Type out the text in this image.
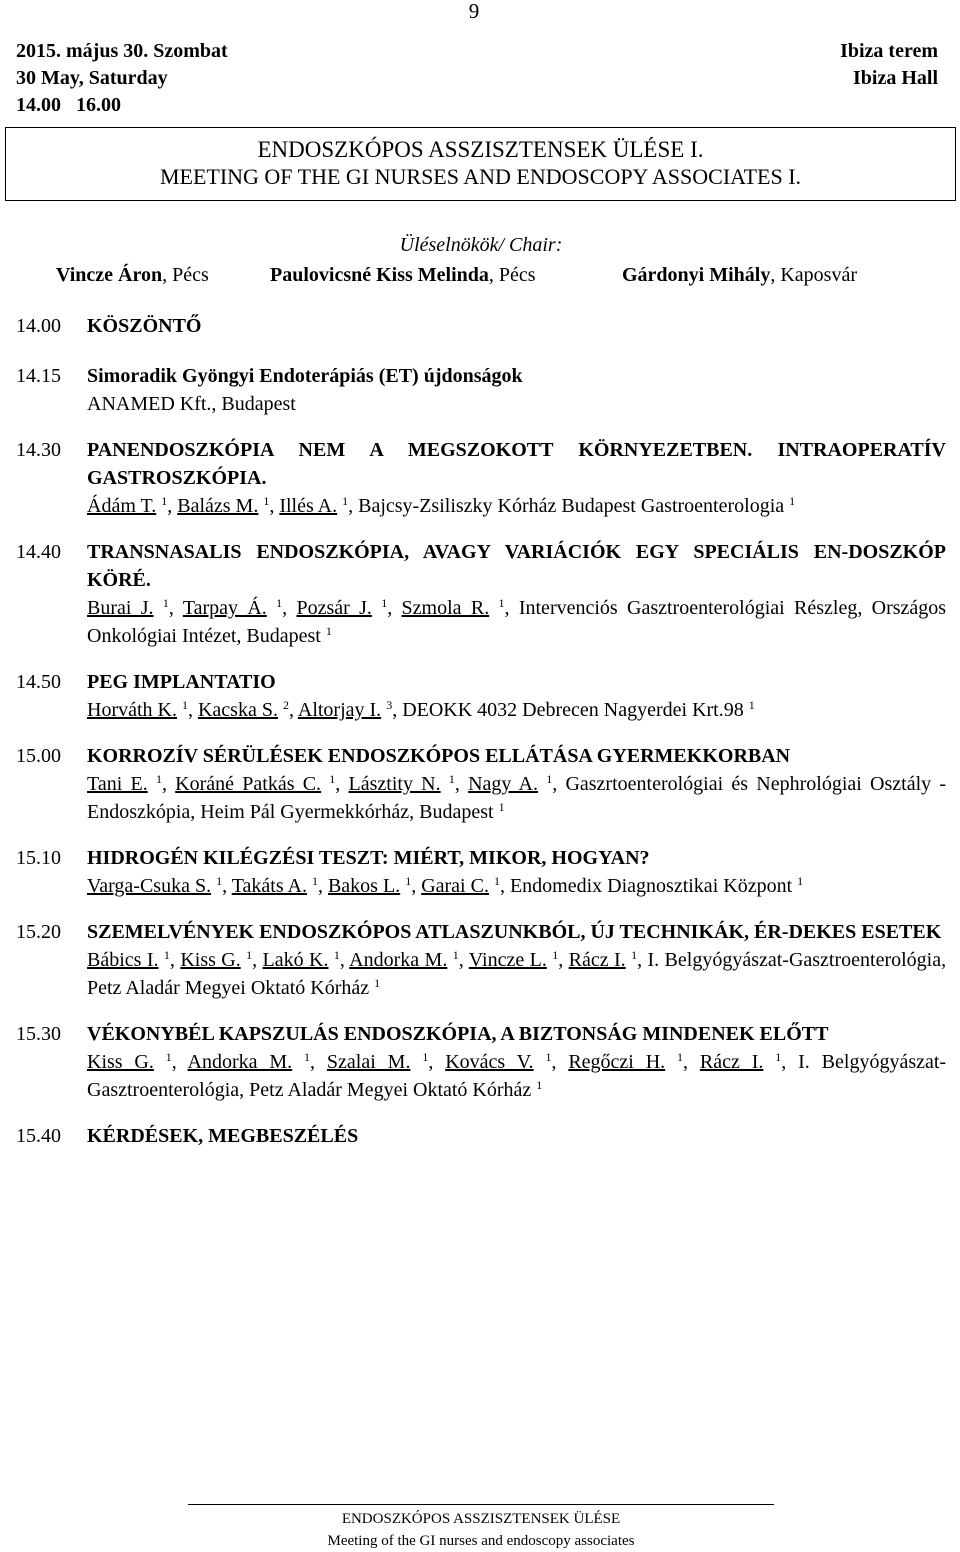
9
2015. május 30. Szombat	Ibiza terem
30 May, Saturday	Ibiza Hall
14.00   16.00
ENDOSZKÓPOS ASSZISZTENSEK ÜLÉSE I.
MEETING OF THE GI NURSES AND ENDOSCOPY ASSOCIATES I.
Üléselnökök/ Chair:
Vincze Áron, Pécs	Paulovicsné Kiss Melinda, Pécs	Gárdonyi Mihály, Kaposvár
14.00	KÖSZÖNTŐ
14.15	Simoradik Gyöngyi Endoterápiás (ET) újdonságok
ANAMED Kft., Budapest
14.30	PANENDOSZKÓPIA NEM A MEGSZOKOTT KÖRNYEZETBEN. INTRAOPERATÍV GASTROSZKÓPIA.
Ádám T. $^1$, Balázs M. $^1$, Illés A. $^1$, Bajcsy-Zsiliszky Kórház Budapest Gastroenterologia $^1$
14.40	TRANSNASALIS ENDOSZKÓPIA, AVAGY VARIÁCIÓK EGY SPECIÁLIS EN-DOSZKÓP KÖRÉ.
Burai J. $^1$, Tarpay Á. $^1$, Pozsár J. $^1$, Szmola R. $^1$, Intervenciós Gasztroenterológiai Részleg, Országos Onkológiai Intézet, Budapest $^1$
14.50	PEG IMPLANTATIO
Horváth K. $^1$, Kacska S. $^2$, Altorjay I. $^3$, DEOKK 4032 Debrecen Nagyerdei Krt.98 $^1$
15.00	KORROZÍV SÉRÜLÉSEK ENDOSZKÓPOS ELLÁTÁSA GYERMEKKORBAN
Tani E. $^1$, Koráné Patkás C. $^1$, Lásztity N. $^1$, Nagy A. $^1$, Gaszrtoenterológiai és Nephrológiai Osztály - Endoszkópia, Heim Pál Gyermekkórház, Budapest $^1$
15.10	HIDROGÉN KILÉGZÉSI TESZT: MIÉRT, MIKOR, HOGYAN?
Varga-Csuka S. $^1$, Takáts A. $^1$, Bakos L. $^1$, Garai C. $^1$, Endomedix Diagnosztikai Központ $^1$
15.20	SZEMELVÉNYEK ENDOSZKÓPOS ATLASZUNKBÓL, ÚJ TECHNIKÁK, ÉR-DEKES ESETEK
Bábics I. $^1$, Kiss G. $^1$, Lakó K. $^1$, Andorka M. $^1$, Vincze L. $^1$, Rácz I. $^1$, I. Belgyógyászat-Gasztroenterológia, Petz Aladár Megyei Oktató Kórház $^1$
15.30	VÉKONYBÉL KAPSZULÁS ENDOSZKÓPIA, A BIZTONSÁG MINDENEK ELŐTT
Kiss G. $^1$, Andorka M. $^1$, Szalai M. $^1$, Kovács V. $^1$, Regőczi H. $^1$, Rácz I. $^1$, I. Belgyógyászat-Gasztroenterológia, Petz Aladár Megyei Oktató Kórház $^1$
15.40	KÉRDÉSEK, MEGBESZÉLÉS
ENDOSZKÓPOS ASSZISZTENSEK ÜLÉSE
Meeting of the GI nurses and endoscopy associates
